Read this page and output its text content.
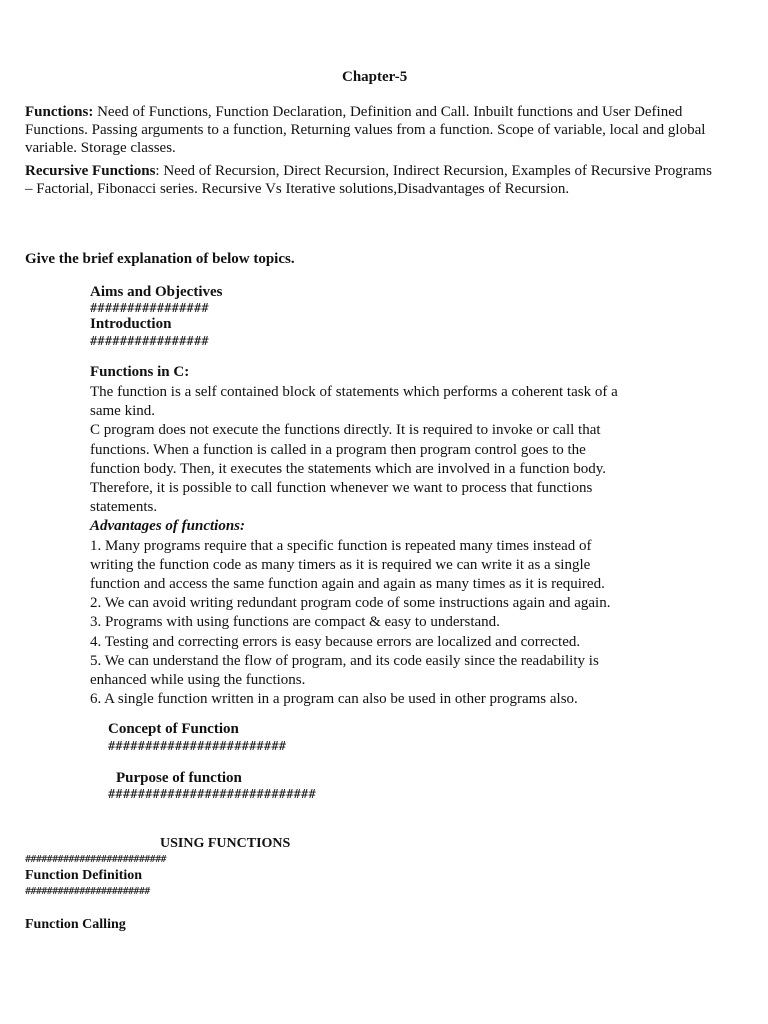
Chapter-5
Functions: Need of Functions, Function Declaration, Definition and Call. Inbuilt functions and User Defined
Functions. Passing arguments to a function, Returning values from a function. Scope of variable, local and global
variable. Storage classes.
Recursive Functions: Need of Recursion, Direct Recursion, Indirect Recursion, Examples of Recursive Programs
– Factorial, Fibonacci series. Recursive Vs Iterative solutions,Disadvantages of Recursion.
Give the brief explanation of below topics.
Aims and Objectives
################
Introduction
################
Functions in C:

The function is a self contained block of statements which performs a coherent task of a

same kind.

C program does not execute the functions directly. It is required to invoke or call that

functions. When a function is called in a program then program control goes to the

function body. Then, it executes the statements which are involved in a function body.

Therefore, it is possible to call function whenever we want to process that functions

statements.

Advantages of functions:

1. Many programs require that a specific function is repeated many times instead of

writing the function code as many timers as it is required we can write it as a single

function and access the same function again and again as many times as it is required.

2. We can avoid writing redundant program code of some instructions again and again.

3. Programs with using functions are compact & easy to understand.

4. Testing and correcting errors is easy because errors are localized and corrected.

5. We can understand the flow of program, and its code easily since the readability is

enhanced while using the functions.

6. A single function written in a program can also be used in other programs also.

Concept of Function
########################
Purpose of function
############################
USING FUNCTIONS
##########################
Function Definition
#######################
Function Calling
